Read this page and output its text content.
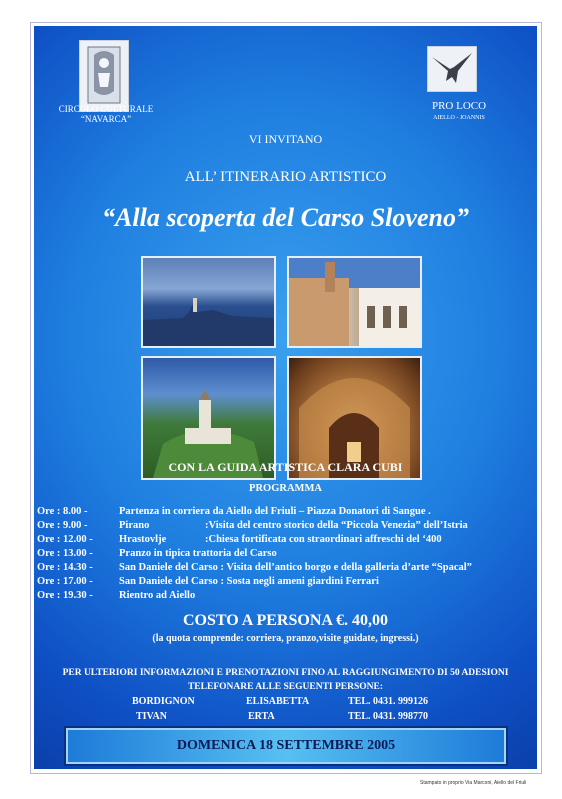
CIRCOLO CULTURALE
“NAVARCA”
PRO LOCO
AIELLO - JOANNIS
VI INVITANO
ALL’ ITINERARIO ARTISTICO
“Alla scoperta del Carso Sloveno”
CON LA GUIDA ARTISTICA CLARA CUBI
PROGRAMMA
Ore : 8.00 -	Partenza in corriera da Aiello del Friuli – Piazza Donatori di Sangue .
Ore : 9.00 -	Pirano	:Visita del centro storico della “Piccola Venezia” dell’Istria
Ore : 12.00 - Hrastovlje	:Chiesa fortificata con straordinari affreschi del ‘400
Ore : 13.00 - Pranzo in tipica trattoria del Carso
Ore : 14.30 - San Daniele del Carso : Visita dell’antico borgo e della galleria d’arte “Spacal”
Ore : 17.00 - San Daniele del Carso : Sosta negli ameni giardini Ferrari
Ore : 19.30 - Rientro ad Aiello
COSTO A PERSONA €. 40,00
(la quota comprende: corriera, pranzo,visite guidate, ingressi.)
PER ULTERIORI INFORMAZIONI E PRENOTAZIONI FINO AL RAGGIUNGIMENTO DI 50 ADESIONI
TELEFONARE ALLE SEGUENTI PERSONE:
BORDIGNON	ELISABETTA	TEL. 0431. 999126
TIVAN	ERTA	TEL. 0431. 998770
DOMENICA 18 SETTEMBRE 2005
Stampato in proprio Via Marconi, Aiello del Friuli
